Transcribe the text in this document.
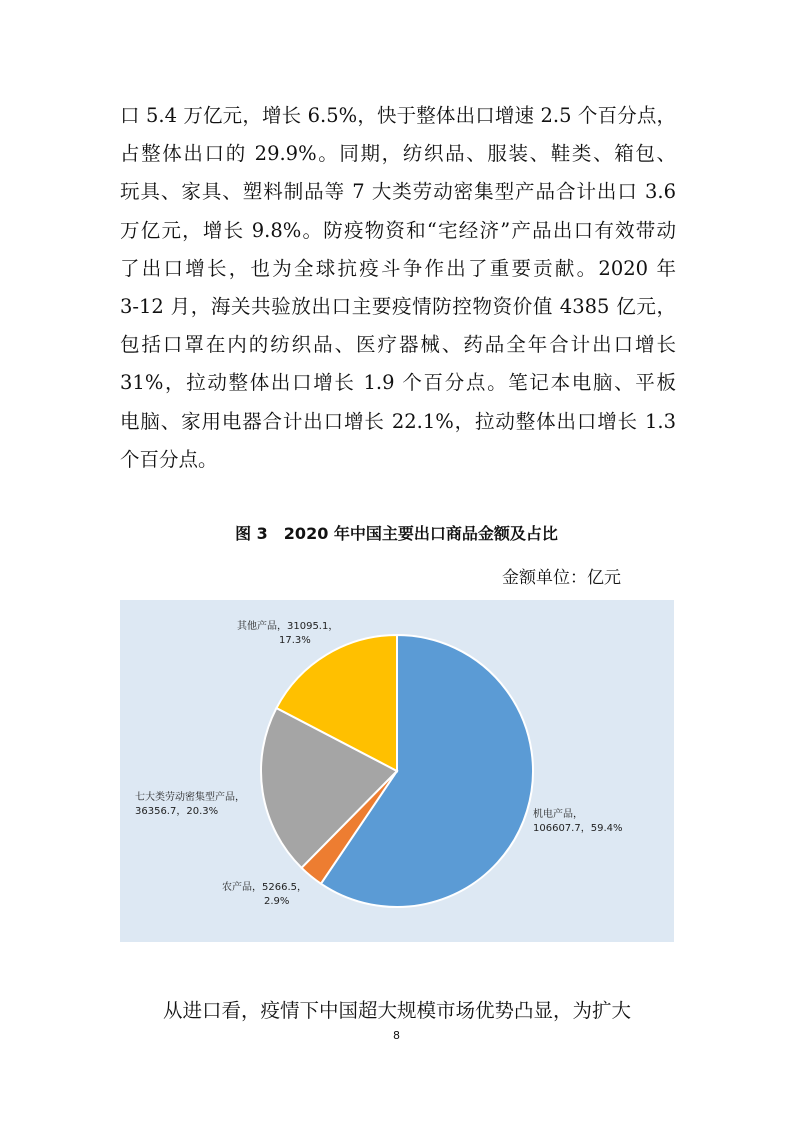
口 5.4 万亿元，增长 6.5%，快于整体出口增速 2.5 个百分点，
占整体出口的 29.9%。同期，纺织品、服装、鞋类、箱包、
玩具、家具、塑料制品等 7 大类劳动密集型产品合计出口 3.6
万亿元，增长 9.8%。防疫物资和“宅经济”产品出口有效带动
了出口增长，也为全球抗疫斗争作出了重要贡献。2020 年
3-12 月，海关共验放出口主要疫情防控物资价值 4385 亿元，
包括口罩在内的纺织品、医疗器械、药品全年合计出口增长
31%，拉动整体出口增长 1.9 个百分点。笔记本电脑、平板
电脑、家用电器合计出口增长 22.1%，拉动整体出口增长 1.3
个百分点。

图 3　2020 年中国主要出口商品金额及占比

金额单位：亿元

机电产品， 106607.7，59.4%
农产品，5266.5， 2.9%
七大类劳动密集型产品， 36356.7，20.3%
其他产品，31095.1， 17.3%
从进口看，疫情下中国超大规模市场优势凸显，为扩大

8
